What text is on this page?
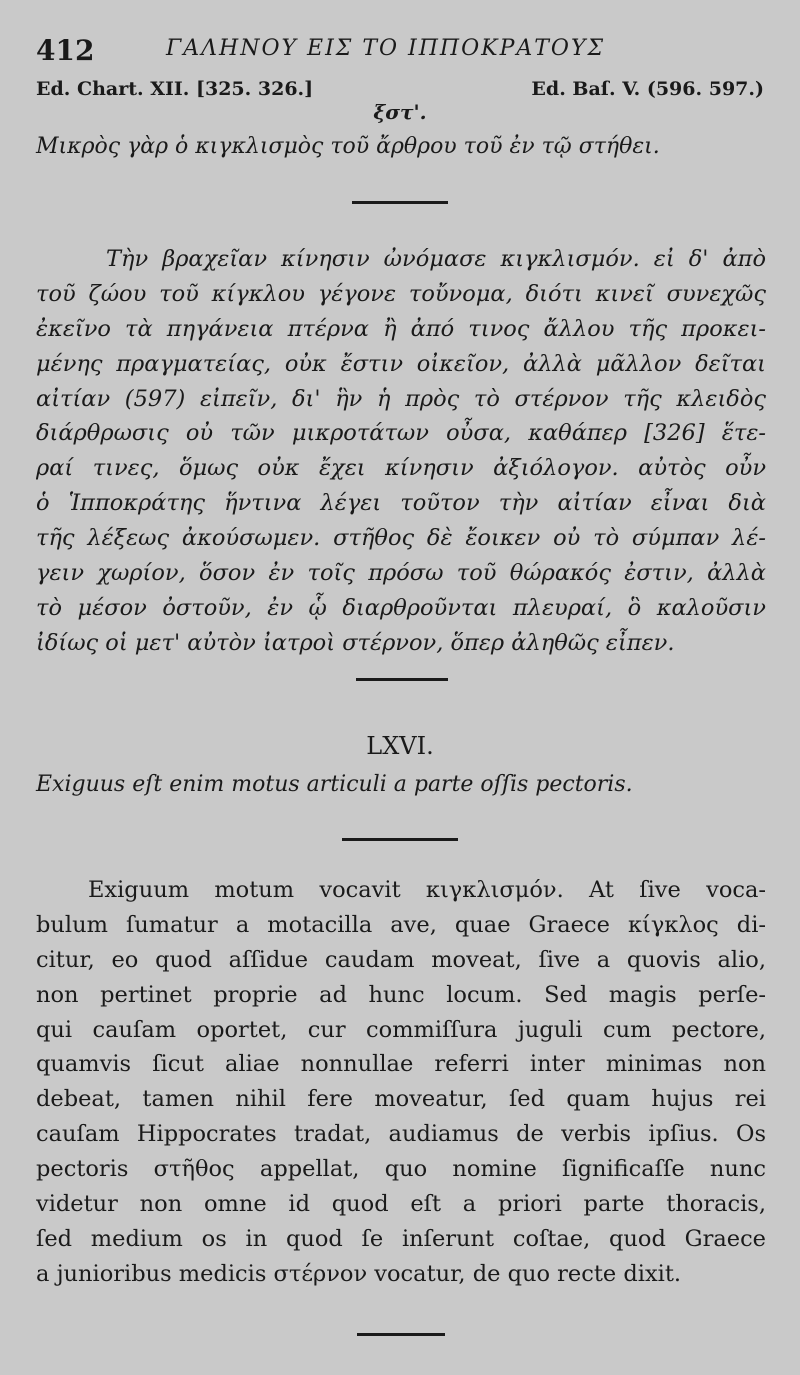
412	ΓΑΛΗΝΟΥ ΕΙΣ ΤΟ ΙΠΠΟΚΡΑΤΟΥΣ
Ed. Chart. XII. [325. 326.]	Ed. Baſ. V. (596. 597.)
ξστ'.
Μικρὸς γὰρ ὁ κιγκλισμὸς τοῦ ἄρθρου τοῦ ἐν τῷ στήθει.
Τὴν βραχεῖαν κίνησιν ὠνόμασε κιγκλισμόν. εἰ δ' ἀπὸ
τοῦ ζώου τοῦ κίγκλου γέγονε τοὔνομα, διότι κινεῖ συνεχῶς
ἐκεῖνο τὰ πηγάνεια πτέρνα ἢ ἀπό τινος ἄλλου τῆς προκει-
μένης πραγματείας, οὐκ ἔστιν οἰκεῖον, ἀλλὰ μᾶλλον δεῖται
αἰτίαν (597) εἰπεῖν, δι' ἣν ἡ πρὸς τὸ στέρνον τῆς κλειδὸς
διάρθρωσις οὐ τῶν μικροτάτων οὖσα, καθάπερ [326] ἕτε-
ραί τινες, ὅμως οὐκ ἔχει κίνησιν ἀξιόλογον. αὐτὸς οὖν
ὁ Ἱπποκράτης ἥντινα λέγει τοῦτον τὴν αἰτίαν εἶναι διὰ
τῆς λέξεως ἀκούσωμεν. στῆθος δὲ ἔοικεν οὐ τὸ σύμπαν λέ-
γειν χωρίον, ὅσον ἐν τοῖς πρόσω τοῦ θώρακός ἐστιν, ἀλλὰ
τὸ μέσον ὀστοῦν, ἐν ᾧ διαρθροῦνται πλευραί, ὃ καλοῦσιν
ἰδίως οἱ μετ' αὐτὸν ἰατροὶ στέρνον, ὅπερ ἀληθῶς εἶπεν.
LXVI.
Exiguus eſt enim motus articuli a parte oſſis pectoris.
Exiguum motum vocavit κιγκλισμόν. At ſive voca-
bulum ſumatur a motacilla ave, quae Graece κίγκλος di-
citur, eo quod aſſidue caudam moveat, ſive a quovis alio,
non pertinet proprie ad hunc locum. Sed magis perſe-
qui cauſam oportet, cur commiſſura juguli cum pectore,
quamvis ſicut aliae nonnullae referri inter minimas non
debeat, tamen nihil fere moveatur, ſed quam hujus rei
cauſam Hippocrates tradat, audiamus de verbis ipſius. Os
pectoris στῆθος appellat, quo nomine ſignificaſſe nunc
videtur non omne id quod eſt a priori parte thoracis,
ſed medium os in quod ſe inſerunt coſtae, quod Graece
a junioribus medicis στέρνον vocatur, de quo recte dixit.
